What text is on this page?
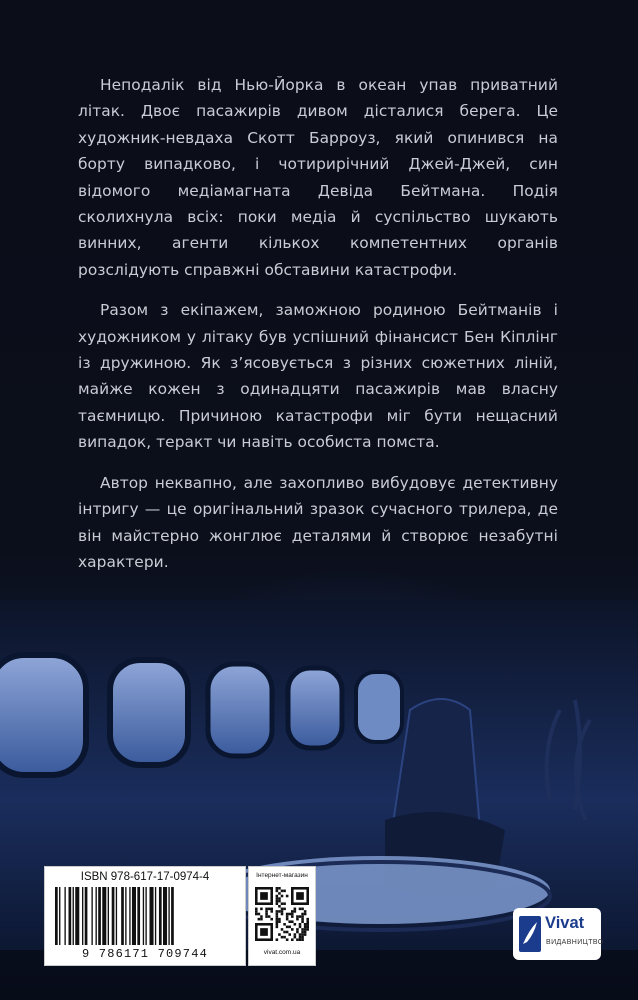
Неподалік від Нью-Йорка в океан упав приватний літак. Двоє пасажирів дивом дісталися берега. Це художник-невдаха Скотт Барроуз, який опинився на борту випадково, і чотирирічний Джей-Джей, син відомого медіамагната Девіда Бейтмана. Подія сколихнула всіх: поки медіа й суспільство шукають винних, агенти кількох компетентних органів розслідують справжні обставини катастрофи.

Разом з екіпажем, заможною родиною Бейтманів і художником у літаку був успішний фінансист Бен Кіплінг із дружиною. Як з’ясовується з різних сюжетних ліній, майже кожен з одинадцяти пасажирів мав власну таємницю. Причиною катастрофи міг бути нещасний випадок, теракт чи навіть особиста помста.

Автор неквапно, але захопливо вибудовує детективну інтригу — це оригінальний зразок сучасного трилера, де він майстерно жонглює деталями й створює незабутні характери.

ISBN 978-617-17-0974-4
9 786171 709744
Інтернет-магазин
vivat.com.ua
Vivat
ВИДАВНИЦТВО
